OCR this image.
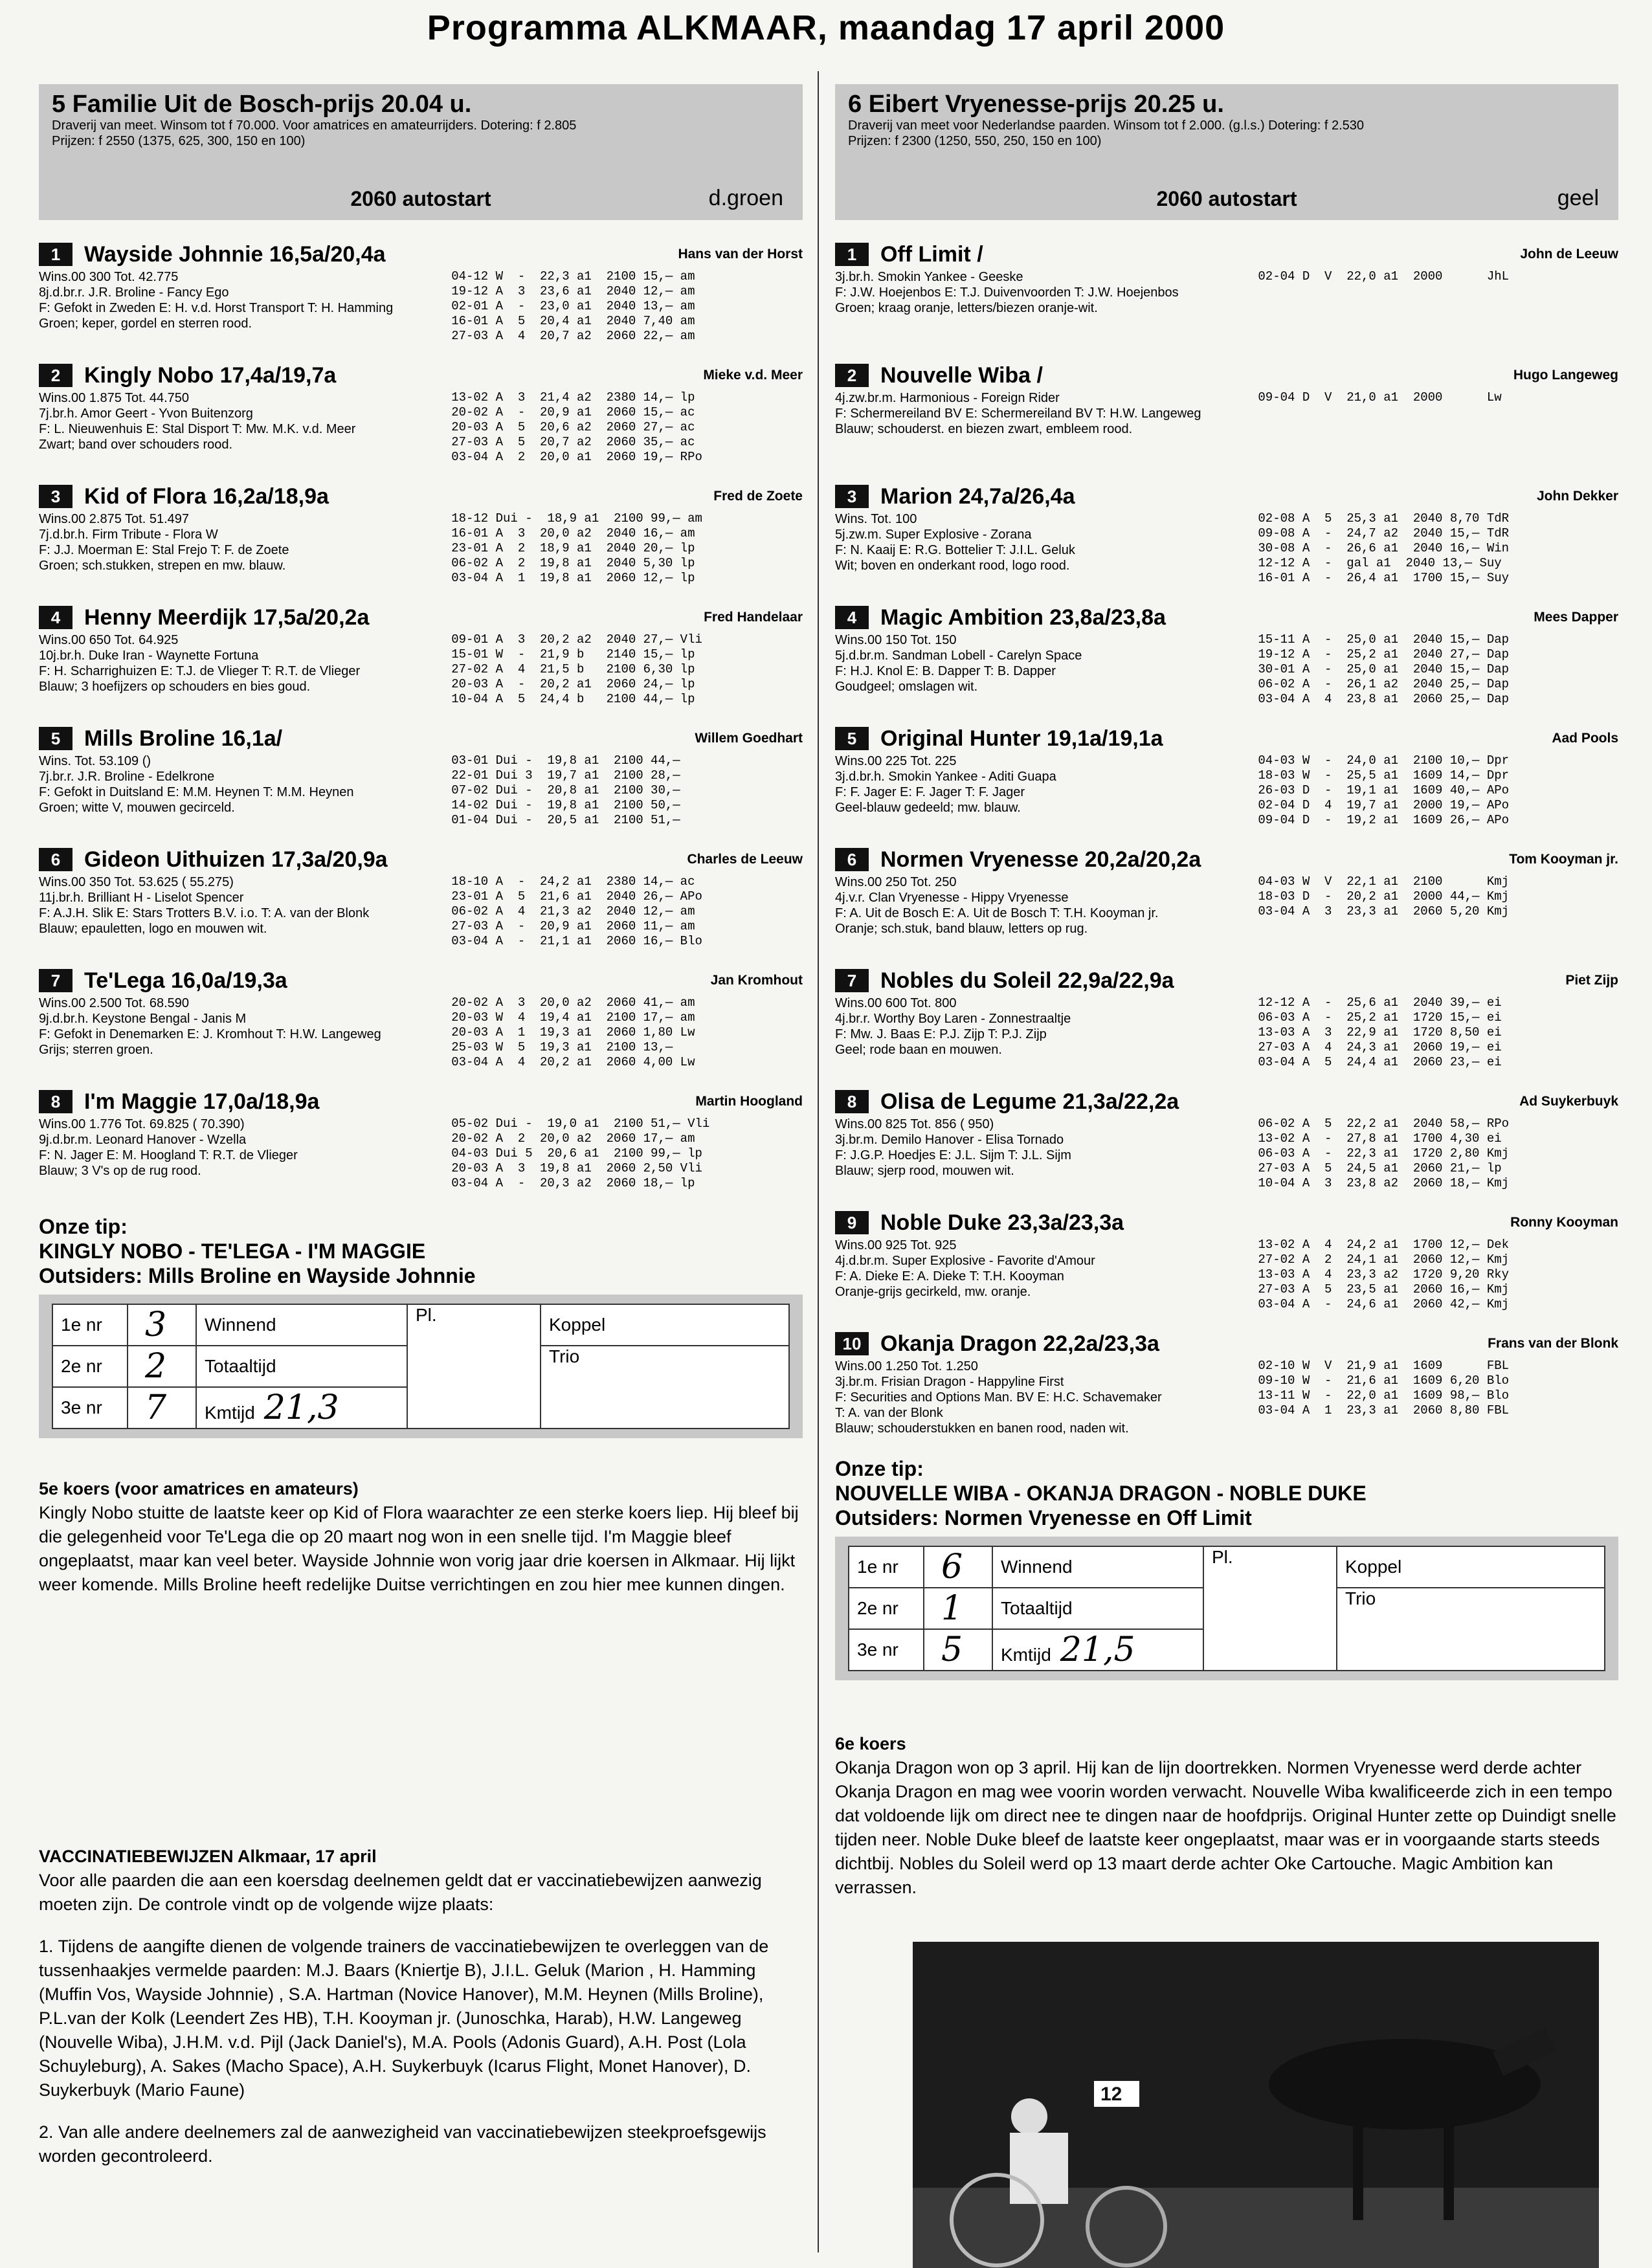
Programma ALKMAAR, maandag 17 april 2000
5 Familie Uit de Bosch-prijs 20.04 u.
Draverij van meet. Winsom tot f 70.000. Voor amatrices en amateurrijders. Dotering: f 2.805
Prijzen: f 2550 (1375, 625, 300, 150 en 100)
2060 autostart	d.groen
1	Wayside Johnnie 16,5a/20,4a	Hans van der Horst
Wins.00 300 Tot. 42.775
8j.d.br.r. J.R. Broline - Fancy Ego
F: Gefokt in Zweden E: H. v.d. Horst Transport T: H. Hamming
Groen; keper, gordel en sterren rood.
04-12 W  -  22,3 a1  2100 15,— am
19-12 A  3  23,6 a1  2040 12,— am
02-01 A  -  23,0 a1  2040 13,— am
16-01 A  5  20,4 a1  2040 7,40 am
27-03 A  4  20,7 a2  2060 22,— am
2	Kingly Nobo 17,4a/19,7a	Mieke v.d. Meer
Wins.00 1.875 Tot. 44.750
7j.br.h. Amor Geert - Yvon Buitenzorg
F: L. Nieuwenhuis E: Stal Disport T: Mw. M.K. v.d. Meer
Zwart; band over schouders rood.
13-02 A  3  21,4 a2  2380 14,— lp
20-02 A  -  20,9 a1  2060 15,— ac
20-03 A  5  20,6 a2  2060 27,— ac
27-03 A  5  20,7 a2  2060 35,— ac
03-04 A  2  20,0 a1  2060 19,— RPo
3	Kid of Flora 16,2a/18,9a	Fred de Zoete
Wins.00 2.875 Tot. 51.497
7j.d.br.h. Firm Tribute - Flora W
F: J.J. Moerman E: Stal Frejo T: F. de Zoete
Groen; sch.stukken, strepen en mw. blauw.
18-12 Dui -  18,9 a1  2100 99,— am
16-01 A  3  20,0 a2  2040 16,— am
23-01 A  2  18,9 a1  2040 20,— lp
06-02 A  2  19,8 a1  2040 5,30 lp
03-04 A  1  19,8 a1  2060 12,— lp
4	Henny Meerdijk 17,5a/20,2a	Fred Handelaar
Wins.00 650 Tot. 64.925
10j.br.h. Duke Iran - Waynette Fortuna
F: H. Scharrighuizen E: T.J. de Vlieger T: R.T. de Vlieger
Blauw; 3 hoefijzers op schouders en bies goud.
09-01 A  3  20,2 a2  2040 27,— Vli
15-01 W  -  21,9 b   2140 15,— lp
27-02 A  4  21,5 b   2100 6,30 lp
20-03 A  -  20,2 a1  2060 24,— lp
10-04 A  5  24,4 b   2100 44,— lp
5	Mills Broline 16,1a/	Willem Goedhart
Wins. Tot. 53.109 ()
7j.br.r. J.R. Broline - Edelkrone
F: Gefokt in Duitsland E: M.M. Heynen T: M.M. Heynen
Groen; witte V, mouwen gecirceld.
03-01 Dui -  19,8 a1  2100 44,—
22-01 Dui 3  19,7 a1  2100 28,—
07-02 Dui -  20,8 a1  2100 30,—
14-02 Dui -  19,8 a1  2100 50,—
01-04 Dui -  20,5 a1  2100 51,—
6	Gideon Uithuizen 17,3a/20,9a	Charles de Leeuw
Wins.00 350 Tot. 53.625 ( 55.275)
11j.br.h. Brilliant H - Liselot Spencer
F: A.J.H. Slik E: Stars Trotters B.V. i.o. T: A. van der Blonk
Blauw; epauletten, logo en mouwen wit.
18-10 A  -  24,2 a1  2380 14,— ac
23-01 A  5  21,6 a1  2040 26,— APo
06-02 A  4  21,3 a2  2040 12,— am
27-03 A  -  20,9 a1  2060 11,— am
03-04 A  -  21,1 a1  2060 16,— Blo
7	Te'Lega 16,0a/19,3a	Jan Kromhout
Wins.00 2.500 Tot. 68.590
9j.d.br.h. Keystone Bengal - Janis M
F: Gefokt in Denemarken E: J. Kromhout T: H.W. Langeweg
Grijs; sterren groen.
20-02 A  3  20,0 a2  2060 41,— am
20-03 W  4  19,4 a1  2100 17,— am
20-03 A  1  19,3 a1  2060 1,80 Lw
25-03 W  5  19,3 a1  2100 13,—
03-04 A  4  20,2 a1  2060 4,00 Lw
8	I'm Maggie 17,0a/18,9a	Martin Hoogland
Wins.00 1.776 Tot. 69.825 ( 70.390)
9j.d.br.m. Leonard Hanover - Wzella
F: N. Jager E: M. Hoogland T: R.T. de Vlieger
Blauw; 3 V's op de rug rood.
05-02 Dui -  19,0 a1  2100 51,— Vli
20-02 A  2  20,0 a2  2060 17,— am
04-03 Dui 5  20,6 a1  2100 99,— lp
20-03 A  3  19,8 a1  2060 2,50 Vli
03-04 A  -  20,3 a2  2060 18,— lp
Onze tip:
KINGLY NOBO - TE'LEGA - I'M MAGGIE
Outsiders: Mills Broline en Wayside Johnnie
1e nr	3	Winnend	Pl.	Koppel
2e nr	2	Totaaltijd		Trio
3e nr	7	Kmtijd 21,3		
5e koers (voor amatrices en amateurs)
Kingly Nobo stuitte de laatste keer op Kid of Flora waarachter ze een sterke koers liep. Hij bleef bij die gelegenheid voor Te'Lega die op 20 maart nog won in een snelle tijd. I'm Maggie bleef ongeplaatst, maar kan veel beter. Wayside Johnnie won vorig jaar drie koersen in Alkmaar. Hij lijkt weer komende. Mills Broline heeft redelijke Duitse verrichtingen en zou hier mee kunnen dingen.

VACCINATIEBEWIJZEN Alkmaar, 17 april
Voor alle paarden die aan een koersdag deelnemen geldt dat er vaccinatiebewijzen aanwezig moeten zijn. De controle vindt op de volgende wijze plaats:

1. Tijdens de aangifte dienen de volgende trainers de vaccinatiebewijzen te overleggen van de tussenhaakjes vermelde paarden: M.J. Baars (Kniertje B), J.I.L. Geluk (Marion , H. Hamming (Muffin Vos, Wayside Johnnie) , S.A. Hartman (Novice Hanover), M.M. Heynen (Mills Broline), P.L.van der Kolk (Leendert Zes HB), T.H. Kooyman jr. (Junoschka, Harab), H.W. Langeweg (Nouvelle Wiba), J.H.M. v.d. Pijl (Jack Daniel's), M.A. Pools (Adonis Guard), A.H. Post (Lola Schuyleburg), A. Sakes (Macho Space), A.H. Suykerbuyk (Icarus Flight, Monet Hanover), D. Suykerbuyk (Mario Faune)

2. Van alle andere deelnemers zal de aanwezigheid van vaccinatiebewijzen steekproefsgewijs worden gecontroleerd.

6 Eibert Vryenesse-prijs 20.25 u.
Draverij van meet voor Nederlandse paarden. Winsom tot f 2.000. (g.l.s.) Dotering: f 2.530
Prijzen: f 2300 (1250, 550, 250, 150 en 100)
2060 autostart	geel
1	Off Limit /	John de Leeuw
3j.br.h. Smokin Yankee - Geeske
F: J.W. Hoejenbos E: T.J. Duivenvoorden T: J.W. Hoejenbos
Groen; kraag oranje, letters/biezen oranje-wit.
02-04 D  V  22,0 a1  2000      JhL
2	Nouvelle Wiba /	Hugo Langeweg
4j.zw.br.m. Harmonious - Foreign Rider
F: Schermereiland BV E: Schermereiland BV T: H.W. Langeweg
Blauw; schouderst. en biezen zwart, embleem rood.
09-04 D  V  21,0 a1  2000      Lw
3	Marion 24,7a/26,4a	John Dekker
Wins. Tot. 100
5j.zw.m. Super Explosive - Zorana
F: N. Kaaij E: R.G. Bottelier T: J.I.L. Geluk
Wit; boven en onderkant rood, logo rood.
02-08 A  5  25,3 a1  2040 8,70 TdR
09-08 A  -  24,7 a2  2040 15,— TdR
30-08 A  -  26,6 a1  2040 16,— Win
12-12 A  -  gal a1  2040 13,— Suy
16-01 A  -  26,4 a1  1700 15,— Suy
4	Magic Ambition 23,8a/23,8a	Mees Dapper
Wins.00 150 Tot. 150
5j.d.br.m. Sandman Lobell - Carelyn Space
F: H.J. Knol E: B. Dapper T: B. Dapper
Goudgeel; omslagen wit.
15-11 A  -  25,0 a1  2040 15,— Dap
19-12 A  -  25,2 a1  2040 27,— Dap
30-01 A  -  25,0 a1  2040 15,— Dap
06-02 A  -  26,1 a2  2040 25,— Dap
03-04 A  4  23,8 a1  2060 25,— Dap
5	Original Hunter 19,1a/19,1a	Aad Pools
Wins.00 225 Tot. 225
3j.d.br.h. Smokin Yankee - Aditi Guapa
F: F. Jager E: F. Jager T: F. Jager
Geel-blauw gedeeld; mw. blauw.
04-03 W  -  24,0 a1  2100 10,— Dpr
18-03 W  -  25,5 a1  1609 14,— Dpr
26-03 D  -  19,1 a1  1609 40,— APo
02-04 D  4  19,7 a1  2000 19,— APo
09-04 D  -  19,2 a1  1609 26,— APo
6	Normen Vryenesse 20,2a/20,2a	Tom Kooyman jr.
Wins.00 250 Tot. 250
4j.v.r. Clan Vryenesse - Hippy Vryenesse
F: A. Uit de Bosch E: A. Uit de Bosch T: T.H. Kooyman jr.
Oranje; sch.stuk, band blauw, letters op rug.
04-03 W  V  22,1 a1  2100      Kmj
18-03 D  -  20,2 a1  2000 44,— Kmj
03-04 A  3  23,3 a1  2060 5,20 Kmj
7	Nobles du Soleil 22,9a/22,9a	Piet Zijp
Wins.00 600 Tot. 800
4j.br.r. Worthy Boy Laren - Zonnestraaltje
F: Mw. J. Baas E: P.J. Zijp T: P.J. Zijp
Geel; rode baan en mouwen.
12-12 A  -  25,6 a1  2040 39,— ei
06-03 A  -  25,2 a1  1720 15,— ei
13-03 A  3  22,9 a1  1720 8,50 ei
27-03 A  4  24,3 a1  2060 19,— ei
03-04 A  5  24,4 a1  2060 23,— ei
8	Olisa de Legume 21,3a/22,2a	Ad Suykerbuyk
Wins.00 825 Tot. 856 ( 950)
3j.br.m. Demilo Hanover - Elisa Tornado
F: J.G.P. Hoedjes E: J.L. Sijm T: J.L. Sijm
Blauw; sjerp rood, mouwen wit.
06-02 A  5  22,2 a1  2040 58,— RPo
13-02 A  -  27,8 a1  1700 4,30 ei
06-03 A  -  22,3 a1  1720 2,80 Kmj
27-03 A  5  24,5 a1  2060 21,— lp
10-04 A  3  23,8 a2  2060 18,— Kmj
9	Noble Duke 23,3a/23,3a	Ronny Kooyman
Wins.00 925 Tot. 925
4j.d.br.m. Super Explosive - Favorite d'Amour
F: A. Dieke E: A. Dieke T: T.H. Kooyman
Oranje-grijs gecirkeld, mw. oranje.
13-02 A  4  24,2 a1  1700 12,— Dek
27-02 A  2  24,1 a1  2060 12,— Kmj
13-03 A  4  23,3 a2  1720 9,20 Rky
27-03 A  5  23,5 a1  2060 16,— Kmj
03-04 A  -  24,6 a1  2060 42,— Kmj
10 Okanja Dragon 22,2a/23,3a	Frans van der Blonk
Wins.00 1.250 Tot. 1.250
3j.br.m. Frisian Dragon - Happyline First
F: Securities and Options Man. BV E: H.C. Schavemaker
T: A. van der Blonk
Blauw; schouderstukken en banen rood, naden wit.
02-10 W  V  21,9 a1  1609      FBL
09-10 W  -  21,6 a1  1609 6,20 Blo
13-11 W  -  22,0 a1  1609 98,— Blo
03-04 A  1  23,3 a1  2060 8,80 FBL
Onze tip:
NOUVELLE WIBA - OKANJA DRAGON - NOBLE DUKE
Outsiders: Normen Vryenesse en Off Limit
1e nr	6	Winnend	Pl.	Koppel
2e nr	1	Totaaltijd		Trio
3e nr	5	Kmtijd 21,5		
6e koers
Okanja Dragon won op 3 april. Hij kan de lijn doortrekken. Normen Vryenesse werd derde achter Okanja Dragon en mag wee voorin worden verwacht. Nouvelle Wiba kwalificeerde zich in een tempo dat voldoende lijk om direct nee te dingen naar de hoofdprijs. Original Hunter zette op Duindigt snelle tijden neer. Noble Duke bleef de laatste keer ongeplaatst, maar was er in voorgaande starts steeds dichtbij. Nobles du Soleil werd op 13 maart derde achter Oke Cartouche. Magic Ambition kan verrassen.
12
